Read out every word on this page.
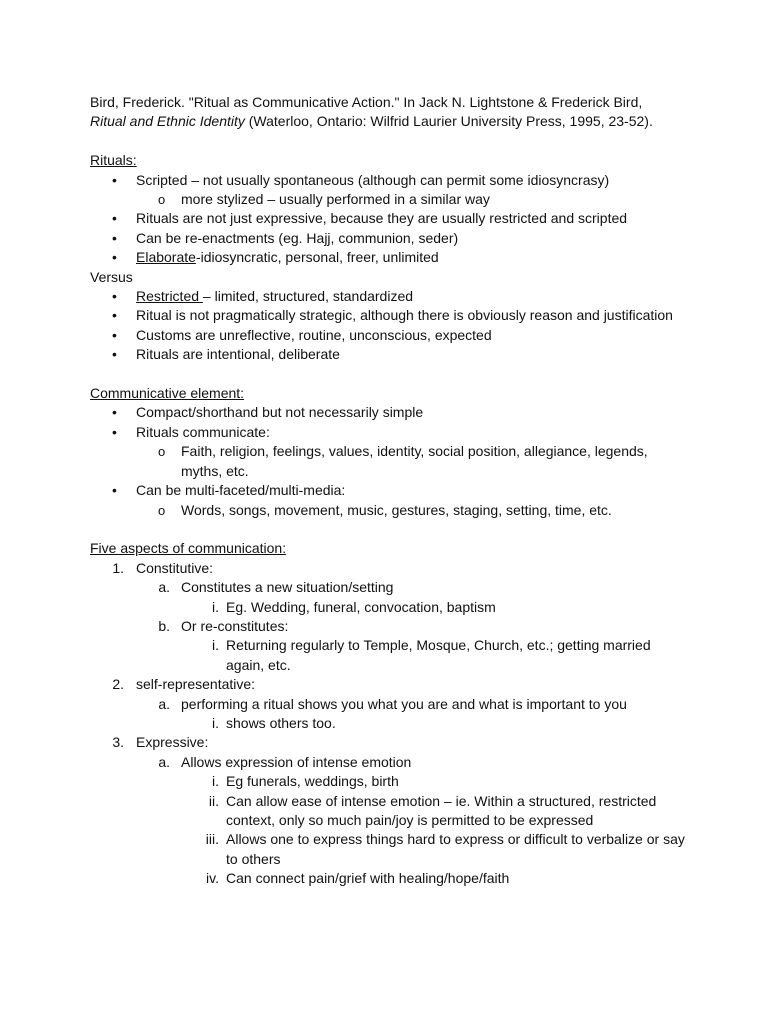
Bird, Frederick. "Ritual as Communicative Action." In Jack N. Lightstone & Frederick Bird,
Ritual and Ethnic Identity (Waterloo, Ontario: Wilfrid Laurier University Press, 1995, 23-52).

Rituals:

• Scripted – not usually spontaneous (although can permit some idiosyncrasy)
o more stylized – usually performed in a similar way
• Rituals are not just expressive, because they are usually restricted and scripted
• Can be re-enactments (eg. Hajj, communion, seder)
• Elaborate-idiosyncratic, personal, freer, unlimited

Versus

• Restricted – limited, structured, standardized
• Ritual is not pragmatically strategic, although there is obviously reason and justification
• Customs are unreflective, routine, unconscious, expected
• Rituals are intentional, deliberate

Communicative element:

• Compact/shorthand but not necessarily simple
• Rituals communicate:
o Faith, religion, feelings, values, identity, social position, allegiance, legends, myths, etc.
• Can be multi-faceted/multi-media:
o Words, songs, movement, music, gestures, staging, setting, time, etc.

Five aspects of communication:

1. Constitutive:
a. Constitutes a new situation/setting
i. Eg. Wedding, funeral, convocation, baptism
b. Or re-constitutes:
i. Returning regularly to Temple, Mosque, Church, etc.; getting married again, etc.
2. self-representative:
a. performing a ritual shows you what you are and what is important to you
i. shows others too.
3. Expressive:
a. Allows expression of intense emotion
i. Eg funerals, weddings, birth
ii. Can allow ease of intense emotion – ie. Within a structured, restricted context, only so much pain/joy is permitted to be expressed
iii. Allows one to express things hard to express or difficult to verbalize or say to others
iv. Can connect pain/grief with healing/hope/faith
